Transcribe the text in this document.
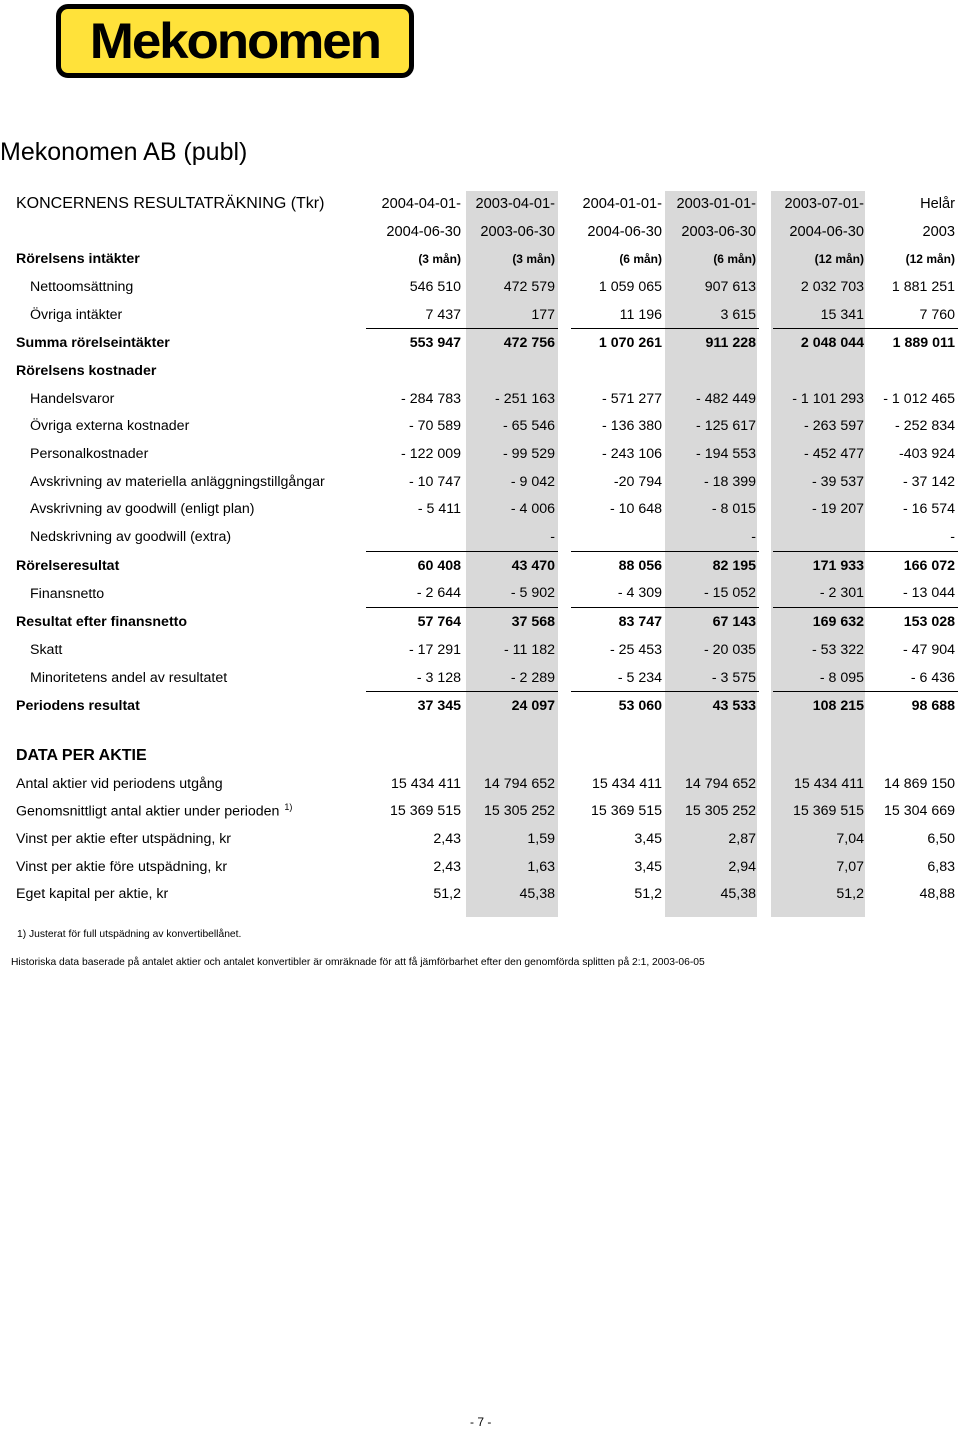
Mekonomen
Mekonomen AB (publ)
KONCERNENS RESULTATRÄKNING (Tkr)	2004-04-01-	2003-04-01-		2004-01-01-	2003-01-01-		2003-07-01-	Helår
	2004-06-30	2003-06-30		2004-06-30	2003-06-30		2004-06-30	2003
Rörelsens intäkter	(3 mån)	(3 mån)		(6 mån)	(6 mån)		(12 mån)	(12 mån)
Nettoomsättning	546 510	472 579		1 059 065	907 613		2 032 703	1 881 251
Övriga intäkter	7 437	177		11 196	3 615		15 341	7 760
Summa rörelseintäkter	553 947	472 756		1 070 261	911 228		2 048 044	1 889 011
Rörelsens kostnader								
Handelsvaror	- 284 783	- 251 163		- 571 277	- 482 449		- 1 101 293	- 1 012 465
Övriga externa kostnader	- 70 589	- 65 546		- 136 380	- 125 617		- 263 597	- 252 834
Personalkostnader	- 122 009	- 99 529		- 243 106	- 194 553		- 452 477	-403 924
Avskrivning av materiella anläggningstillgångar	- 10 747	- 9 042		-20 794	- 18 399		- 39 537	- 37 142
Avskrivning av goodwill (enligt plan)	- 5 411	- 4 006		- 10 648	- 8 015		- 19 207	- 16 574
Nedskrivning av goodwill (extra)		-			-			-
Rörelseresultat	60 408	43 470		88 056	82 195		171 933	166 072
Finansnetto	- 2 644	- 5 902		- 4 309	- 15 052		- 2 301	- 13 044
Resultat efter finansnetto	57 764	37 568		83 747	67 143		169 632	153 028
Skatt	- 17 291	- 11 182		- 25 453	- 20 035		- 53 322	- 47 904
Minoritetens andel av resultatet	- 3 128	- 2 289		- 5 234	- 3 575		- 8 095	- 6 436
Periodens resultat	37 345	24 097		53 060	43 533		108 215	98 688
DATA PER AKTIE								
Antal aktier vid periodens utgång	15 434 411	14 794 652		15 434 411	14 794 652		15 434 411	14 869 150
Genomsnittligt antal aktier under perioden $^{1)}$	15 369 515	15 305 252		15 369 515	15 305 252		15 369 515	15 304 669
Vinst per aktie efter utspädning, kr	2,43	1,59		3,45	2,87		7,04	6,50
Vinst per aktie före utspädning, kr	2,43	1,63		3,45	2,94		7,07	6,83
Eget kapital per aktie, kr	51,2	45,38		51,2	45,38		51,2	48,88
1) Justerat för full utspädning av konvertibellånet.
Historiska data baserade på antalet aktier och antalet konvertibler är omräknade för att få jämförbarhet efter den genomförda splitten på 2:1, 2003-06-05
- 7 -
